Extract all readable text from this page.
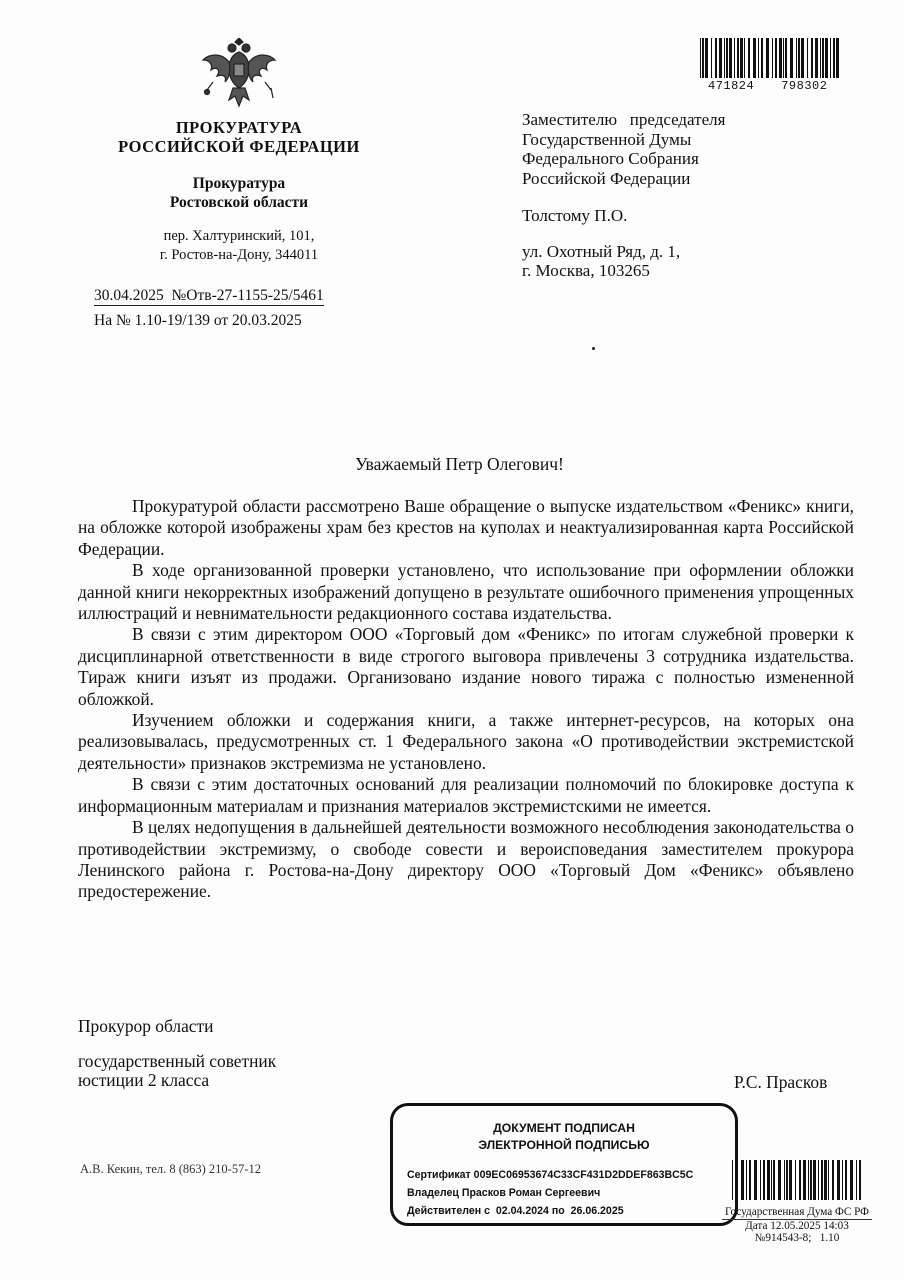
ПРОКУРАТУРА
РОССИЙСКОЙ ФЕДЕРАЦИИ
Прокуратура
Ростовской области
пер. Халтуринский, 101,
г. Ростов-на-Дону, 344011
30.04.2025  №Отв-27-1155-25/5461
На № 1.10-19/139 от 20.03.2025
471824 798302
Заместителю   председателя
Государственной Думы
Федерального Собрания
Российской Федерации
Толстому П.О.
ул. Охотный Ряд, д. 1,
г. Москва, 103265
Уважаемый Петр Олегович!

Прокуратурой области рассмотрено Ваше обращение о выпуске издательством «Феникс» книги, на обложке которой изображены храм без крестов на куполах и неактуализированная карта Российской Федерации.

В ходе организованной проверки установлено, что использование при оформлении обложки данной книги некорректных изображений допущено в результате ошибочного применения упрощенных иллюстраций и невнимательности редакционного состава издательства.

В связи с этим директором ООО «Торговый дом «Феникс» по итогам служебной проверки к дисциплинарной ответственности в виде строгого выговора привлечены 3 сотрудника издательства. Тираж книги изъят из продажи. Организовано издание нового тиража с полностью измененной обложкой.

Изучением обложки и содержания книги, а также интернет-ресурсов, на которых она реализовывалась, предусмотренных ст. 1 Федерального закона «О противодействии экстремистской деятельности» признаков экстремизма не установлено.

В связи с этим достаточных оснований для реализации полномочий по блокировке доступа к информационным материалам и признания материалов экстремистскими не имеется.

В целях недопущения в дальнейшей деятельности возможного несоблюдения законодательства о противодействии экстремизму, о свободе совести и вероисповедания заместителем прокурора Ленинского района г. Ростова-на-Дону директору ООО «Торговый Дом «Феникс» объявлено предостережение.

Прокурор области
государственный советник
юстиции 2 класса	Р.С. Прасков
ДОКУМЕНТ ПОДПИСАН
ЭЛЕКТРОННОЙ ПОДПИСЬЮ
Сертификат 009EC06953674C33CF431D2DDEF863BC5C
Владелец Прасков Роман Сергеевич
Действителен с  02.04.2024 по  26.06.2025
А.В. Кекин, тел. 8 (863) 210-57-12
Государственная Дума ФС РФ
Дата 12.05.2025 14:03
№914543-8;   1.10
